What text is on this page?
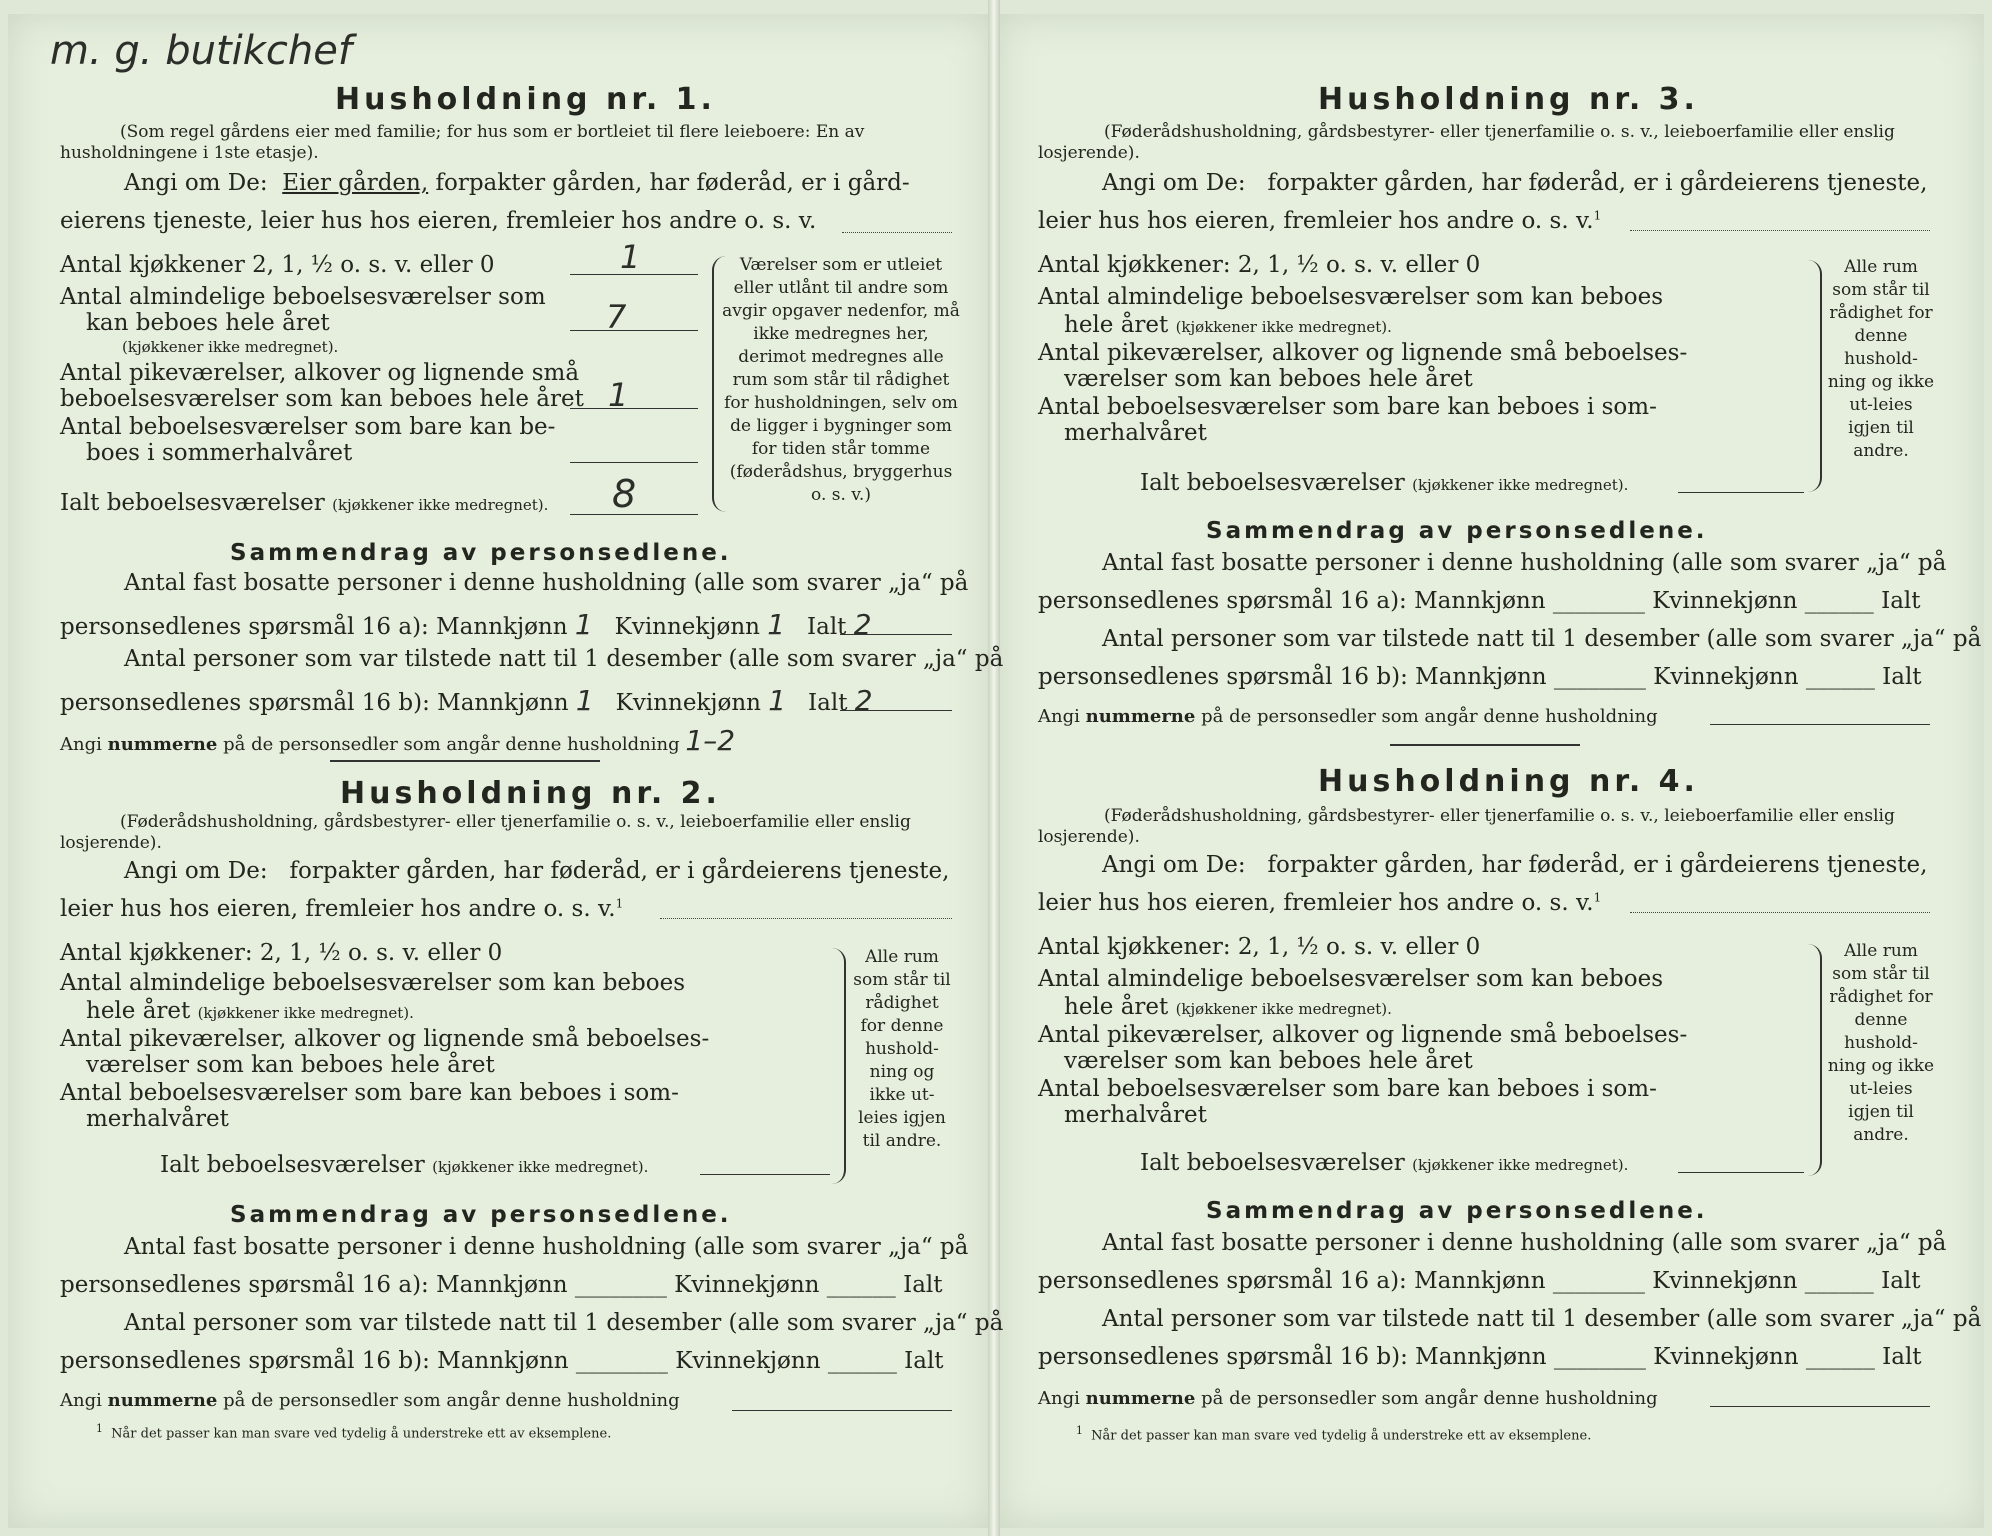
m. g. butikchef
Husholdning nr. 1.
(Som regel gårdens eier med familie; for hus som er bortleiet til flere leieboere: En av husholdningene i 1ste etasje).
Angi om De: Eier gården, forpakter gården, har føderåd, er i gård-
eierens tjeneste, leier hus hos eieren, fremleier hos andre o. s. v.
Antal kjøkkener 2, 1, ½ o. s. v. eller 0	1
Antal almindelige beboelsesværelser som
kan beboes hele året
(kjøkkener ikke medregnet).
7
Antal pikeværelser, alkover og lignende små
beboelsesværelser som kan beboes hele året 1
Antal beboelsesværelser som bare kan be-
boes i sommerhalvåret
Ialt beboelsesværelser (kjøkkener ikke medregnet). 8
Værelser som er utleiet eller utlånt til andre som avgir opgaver nedenfor, må ikke medregnes her, derimot medregnes alle rum som står til rådighet for husholdningen, selv om de ligger i bygninger som for tiden står tomme (føderådshus, bryggerhus o. s. v.)
Sammendrag av personsedlene.
Antal fast bosatte personer i denne husholdning (alle som svarer „ja“ på
personsedlenes spørsmål 16 a): Mannkjønn 1 Kvinnekjønn 1 Ialt 2
Antal personer som var tilstede natt til 1 desember (alle som svarer „ja“ på
personsedlenes spørsmål 16 b): Mannkjønn 1 Kvinnekjønn 1 Ialt 2
Angi nummerne på de personsedler som angår denne husholdning 1–2
Husholdning nr. 2.
(Føderådshusholdning, gårdsbestyrer- eller tjenerfamilie o. s. v., leieboerfamilie eller enslig losjerende).
Angi om De: forpakter gården, har føderåd, er i gårdeierens tjeneste,
leier hus hos eieren, fremleier hos andre o. s. v.$^1$
Antal kjøkkener: 2, 1, ½ o. s. v. eller 0
Antal almindelige beboelsesværelser som kan beboes
hele året (kjøkkener ikke medregnet).
Antal pikeværelser, alkover og lignende små beboelses-
værelser som kan beboes hele året
Antal beboelsesværelser som bare kan beboes i som-
merhalvåret
Ialt beboelsesværelser (kjøkkener ikke medregnet).
Alle rum som står til rådighet for denne hushold-ning og ikke ut-leies igjen til andre.
Sammendrag av personsedlene.
Antal fast bosatte personer i denne husholdning (alle som svarer „ja“ på
personsedlenes spørsmål 16 a): Mannkjønn ________ Kvinnekjønn ______ Ialt
Antal personer som var tilstede natt til 1 desember (alle som svarer „ja“ på
personsedlenes spørsmål 16 b): Mannkjønn ________ Kvinnekjønn ______ Ialt
Angi nummerne på de personsedler som angår denne husholdning
$^1$ Når det passer kan man svare ved tydelig å understreke ett av eksemplene.
Husholdning nr. 3.
(Føderådshusholdning, gårdsbestyrer- eller tjenerfamilie o. s. v., leieboerfamilie eller enslig losjerende).
Angi om De: forpakter gården, har føderåd, er i gårdeierens tjeneste,
leier hus hos eieren, fremleier hos andre o. s. v.$^1$
Antal kjøkkener: 2, 1, ½ o. s. v. eller 0
Antal almindelige beboelsesværelser som kan beboes
hele året (kjøkkener ikke medregnet).
Antal pikeværelser, alkover og lignende små beboelses-
værelser som kan beboes hele året
Antal beboelsesværelser som bare kan beboes i som-
merhalvåret
Ialt beboelsesværelser (kjøkkener ikke medregnet).
Alle rum som står til rådighet for denne hushold-ning og ikke ut-leies igjen til andre.
Sammendrag av personsedlene.
Antal fast bosatte personer i denne husholdning (alle som svarer „ja“ på
personsedlenes spørsmål 16 a): Mannkjønn ________ Kvinnekjønn ______ Ialt
Antal personer som var tilstede natt til 1 desember (alle som svarer „ja“ på
personsedlenes spørsmål 16 b): Mannkjønn ________ Kvinnekjønn ______ Ialt
Angi nummerne på de personsedler som angår denne husholdning
Husholdning nr. 4.
(Føderådshusholdning, gårdsbestyrer- eller tjenerfamilie o. s. v., leieboerfamilie eller enslig losjerende).
Angi om De: forpakter gården, har føderåd, er i gårdeierens tjeneste,
leier hus hos eieren, fremleier hos andre o. s. v.$^1$
Antal kjøkkener: 2, 1, ½ o. s. v. eller 0
Antal almindelige beboelsesværelser som kan beboes
hele året (kjøkkener ikke medregnet).
Antal pikeværelser, alkover og lignende små beboelses-
værelser som kan beboes hele året
Antal beboelsesværelser som bare kan beboes i som-
merhalvåret
Ialt beboelsesværelser (kjøkkener ikke medregnet).
Alle rum som står til rådighet for denne hushold-ning og ikke ut-leies igjen til andre.
Sammendrag av personsedlene.
Antal fast bosatte personer i denne husholdning (alle som svarer „ja“ på
personsedlenes spørsmål 16 a): Mannkjønn ________ Kvinnekjønn ______ Ialt
Antal personer som var tilstede natt til 1 desember (alle som svarer „ja“ på
personsedlenes spørsmål 16 b): Mannkjønn ________ Kvinnekjønn ______ Ialt
Angi nummerne på de personsedler som angår denne husholdning
$^1$ Når det passer kan man svare ved tydelig å understreke ett av eksemplene.
